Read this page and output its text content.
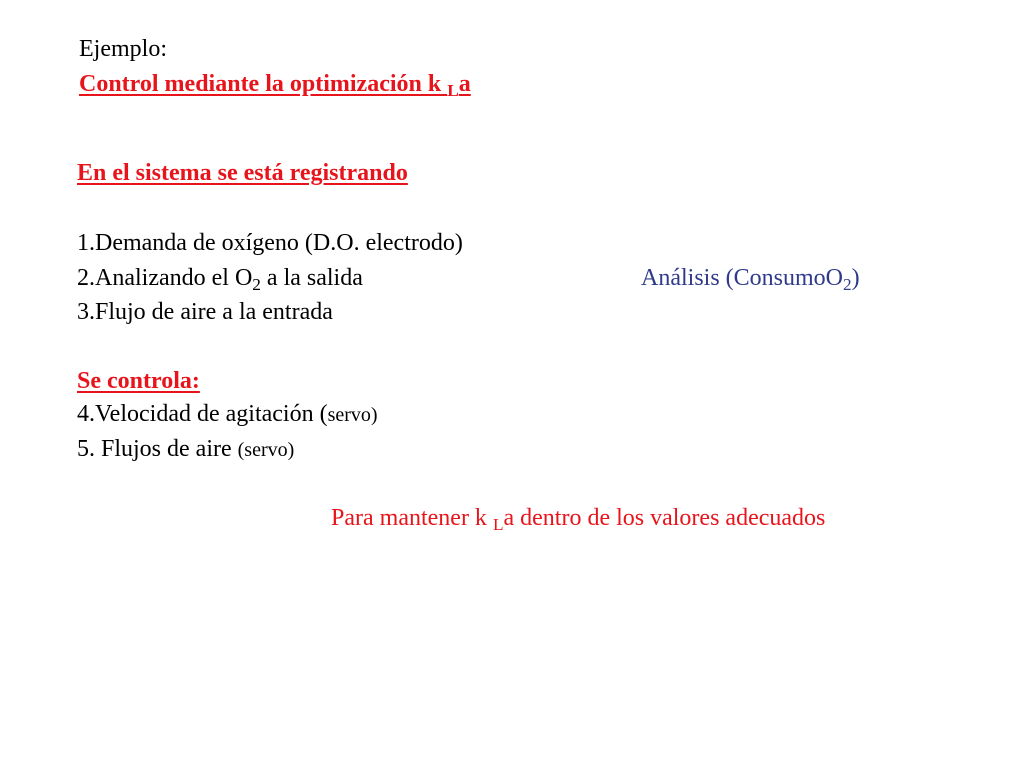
Ejemplo:
Control mediante la optimización k $_L$a
En el sistema se está registrando
1.Demanda de oxígeno (D.O. electrodo)
2.Analizando el $O_2$ a la salida	Análisis (ConsumoO$_2$)
3.Flujo de aire a la entrada
Se controla:
4.Velocidad de agitación (servo)
5. Flujos de aire (servo)
Para mantener k $_L$a dentro de los valores adecuados
